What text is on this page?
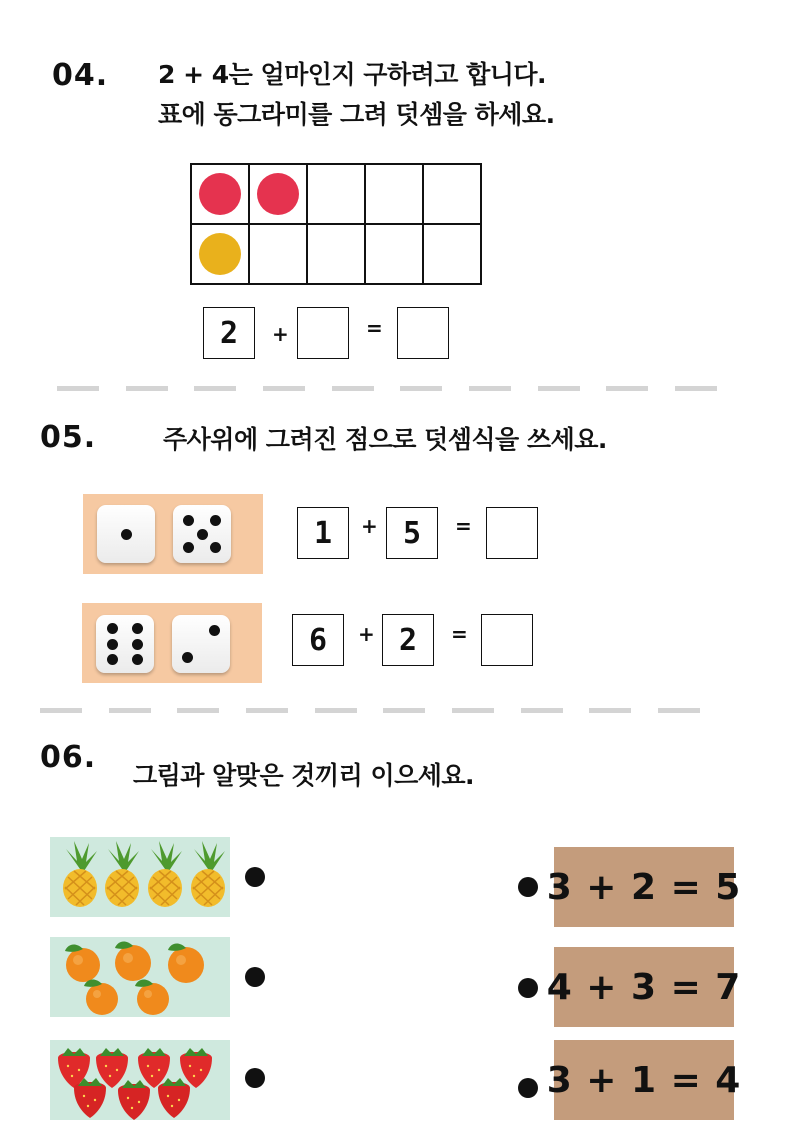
04. 2 + 4는 얼마인지 구하려고 합니다.
표에 동그라미를 그려 덧셈을 하세요.
2	+	=
05.	주사위에 그려진 점으로 덧셈식을 쓰세요.
1	+ 5	=
6	+ 2	=
06.
그림과 알맞은 것끼리 이으세요.
3 + 2 = 5
4 + 3 = 7
3 + 1 = 4
